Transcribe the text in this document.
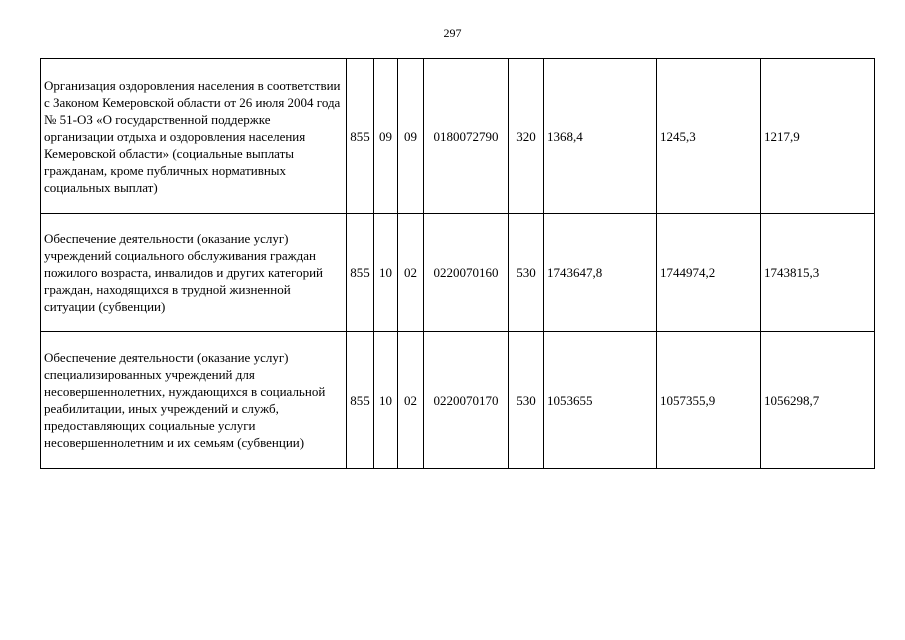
297
Организация оздоровления населения в соответствии с Законом Кемеровской области от 26 июля 2004 года № 51-ОЗ «О государственной поддержке организации отдыха и оздоровления населения Кемеровской области» (социальные выплаты гражданам, кроме публичных нормативных социальных выплат)	855	09	09	0180072790	320	1368,4	1245,3	1217,9
Обеспечение деятельности (оказание услуг) учреждений социального обслуживания граждан пожилого возраста, инвалидов и других категорий граждан, находящихся в трудной жизненной ситуации (субвенции)	855	10	02	0220070160	530	1743647,8	1744974,2	1743815,3
Обеспечение деятельности (оказание услуг) специализированных учреждений для несовершеннолетних, нуждающихся в социальной реабилитации, иных учреждений и служб, предоставляющих социальные услуги несовершеннолетним и их семьям (субвенции)	855	10	02	0220070170	530	1053655	1057355,9	1056298,7
